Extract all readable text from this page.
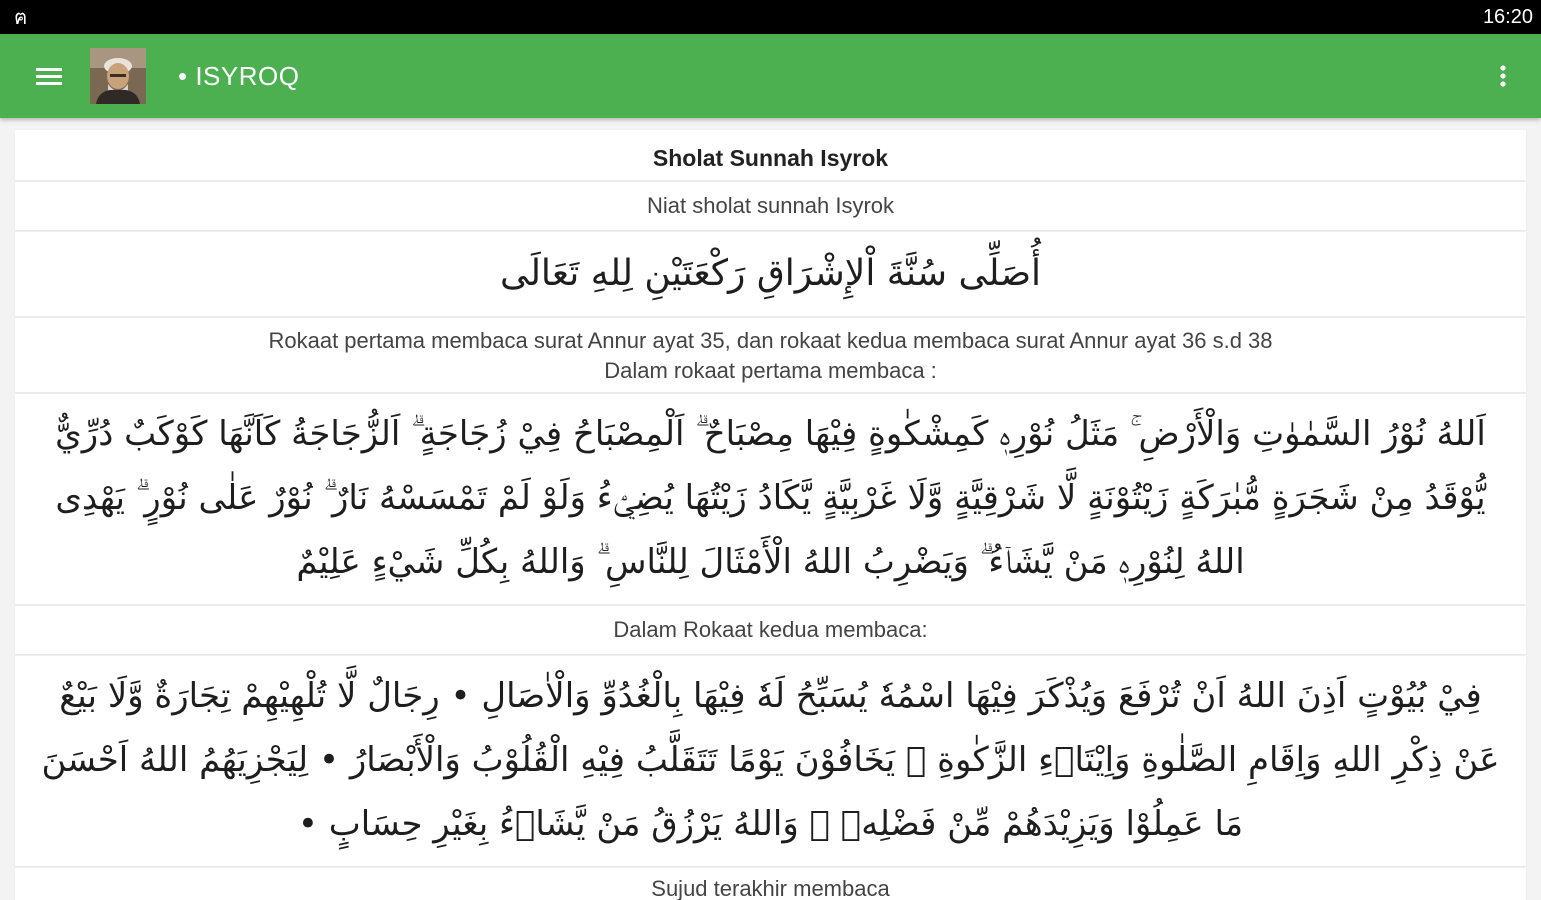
ฅ	16:20
• ISYROQ
Sholat Sunnah Isyrok
Niat sholat sunnah Isyrok
أُصَلِّى سُنَّةَ اْلإِشْرَاقِ رَكْعَتَيْنِ لِلهِ تَعَالَى
Rokaat pertama membaca surat Annur ayat 35, dan rokaat kedua membaca surat Annur ayat 36 s.d 38
Dalam rokaat pertama membaca :
اَللهُ نُوْرُ السَّمٰوٰتِ وَالْأَرْضِ ۚ مَثَلُ نُوْرِهٖ كَمِشْكٰوةٍ فِيْهَا مِصْبَاحٌ ۗ اَلْمِصْبَاحُ فِيْ زُجَاجَةٍ ۗ اَلزُّجَاجَةُ كَاَنَّهَا كَوْكَبٌ دُرِّيٌّ يُّوْقَدُ مِنْ شَجَرَةٍ مُّبٰرَكَةٍ زَيْتُوْنَةٍ لَّا شَرْقِيَّةٍ وَّلَا غَرْبِيَّةٍ يَّكَادُ زَيْتُهَا يُضِيْۤءُ وَلَوْ لَمْ تَمْسَسْهُ نَارٌ ۗ نُوْرٌ عَلٰى نُوْرٍ ۗ يَهْدِى اللهُ لِنُوْرِهٖ مَنْ يَّشَاۤءُ ۗ وَيَضْرِبُ اللهُ الْأَمْثَالَ لِلنَّاسِ ۗ وَاللهُ بِكُلِّ شَيْءٍ عَلِيْمٌ
Dalam Rokaat kedua membaca:
فِيْ بُيُوْتٍ اَذِنَ اللهُ اَنْ تُرْفَعَ وَيُذْكَرَ فِيْهَا اسْمُهٗ يُسَبِّحُ لَهٗ فِيْهَا بِالْغُدُوِّ وَالْاٰصَالِ • رِجَالٌ لَّا تُلْهِيْهِمْ تِجَارَةٌ وَّلَا بَيْعٌ عَنْ ذِكْرِ اللهِ وَاِقَامِ الصَّلٰوةِ وَاِيْتَاۤءِ الزَّكٰوةِ ۙ يَخَافُوْنَ يَوْمًا تَتَقَلَّبُ فِيْهِ الْقُلُوْبُ وَالْأَبْصَارُ • لِيَجْزِيَهُمُ اللهُ اَحْسَنَ مَا عَمِلُوْا وَيَزِيْدَهُمْ مِّنْ فَضْلِهٖ ۗ وَاللهُ يَرْزُقُ مَنْ يَّشَاۤءُ بِغَيْرِ حِسَابٍ •
Sujud terakhir membaca
